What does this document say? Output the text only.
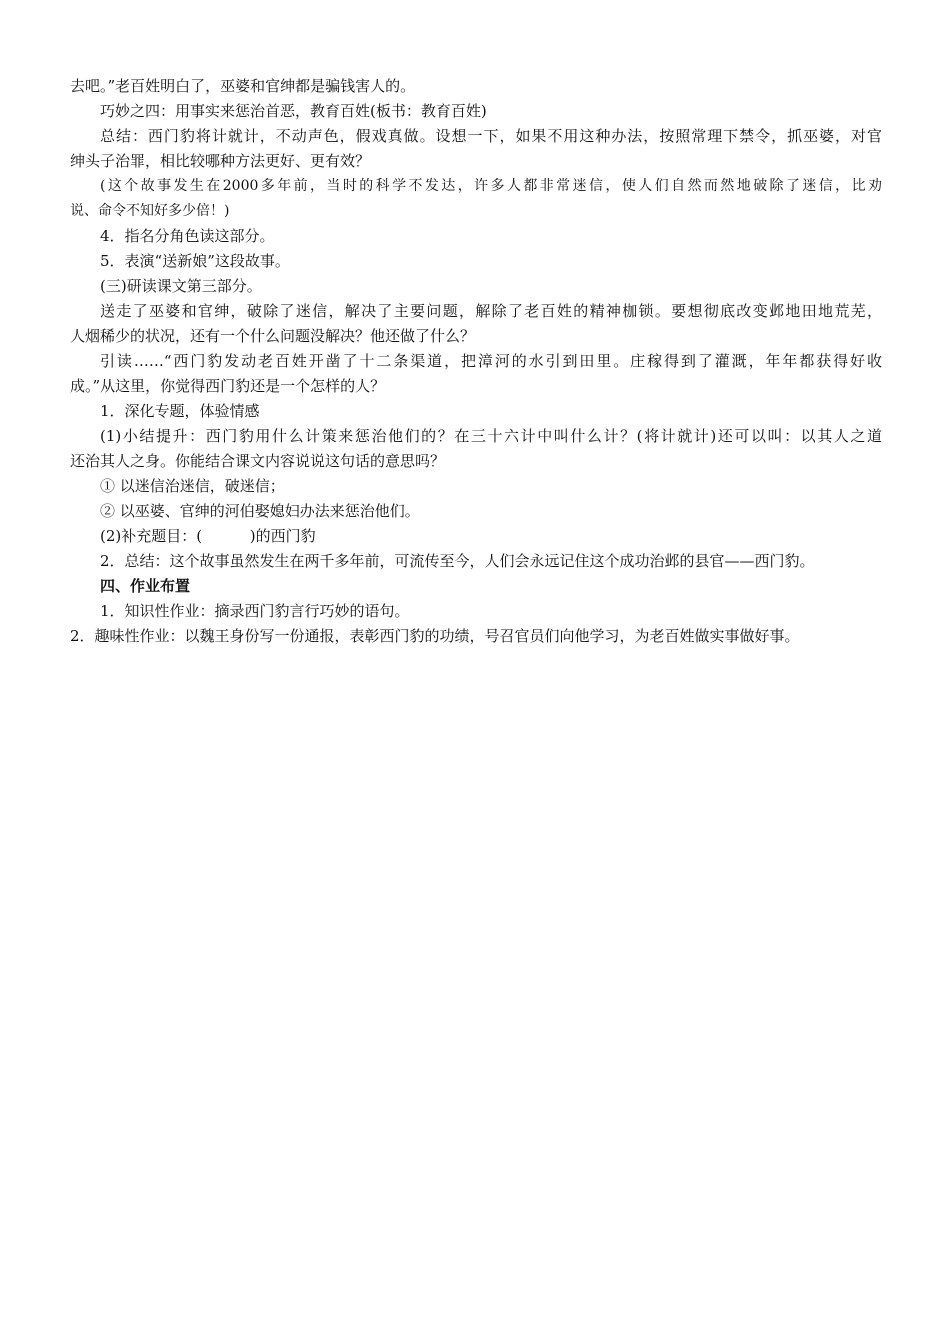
去吧。”老百姓明白了，巫婆和官绅都是骗钱害人的。
巧妙之四：用事实来惩治首恶，教育百姓(板书：教育百姓)
总结：西门豹将计就计，不动声色，假戏真做。设想一下，如果不用这种办法，按照常理下禁令，抓巫婆，对官
绅头子治罪，相比较哪种方法更好、更有效？
(这个故事发生在2000多年前，当时的科学不发达，许多人都非常迷信，使人们自然而然地破除了迷信，比劝
说、命令不知好多少倍！)
4．指名分角色读这部分。
5．表演“送新娘”这段故事。
(三)研读课文第三部分。
送走了巫婆和官绅，破除了迷信，解决了主要问题，解除了老百姓的精神枷锁。要想彻底改变邺地田地荒芜，
人烟稀少的状况，还有一个什么问题没解决？他还做了什么？
引读……“西门豹发动老百姓开凿了十二条渠道，把漳河的水引到田里。庄稼得到了灌溉，年年都获得好收
成。”从这里，你觉得西门豹还是一个怎样的人？
1．深化专题，体验情感
(1)小结提升：西门豹用什么计策来惩治他们的？在三十六计中叫什么计？(将计就计)还可以叫：以其人之道
还治其人之身。你能结合课文内容说说这句话的意思吗？
① 以迷信治迷信，破迷信；
② 以巫婆、官绅的河伯娶媳妇办法来惩治他们。
(2)补充题目：(          )的西门豹
2．总结：这个故事虽然发生在两千多年前，可流传至今，人们会永远记住这个成功治邺的县官——西门豹。
四、作业布置
1．知识性作业：摘录西门豹言行巧妙的语句。
2．趣味性作业：以魏王身份写一份通报，表彰西门豹的功绩，号召官员们向他学习，为老百姓做实事做好事。
